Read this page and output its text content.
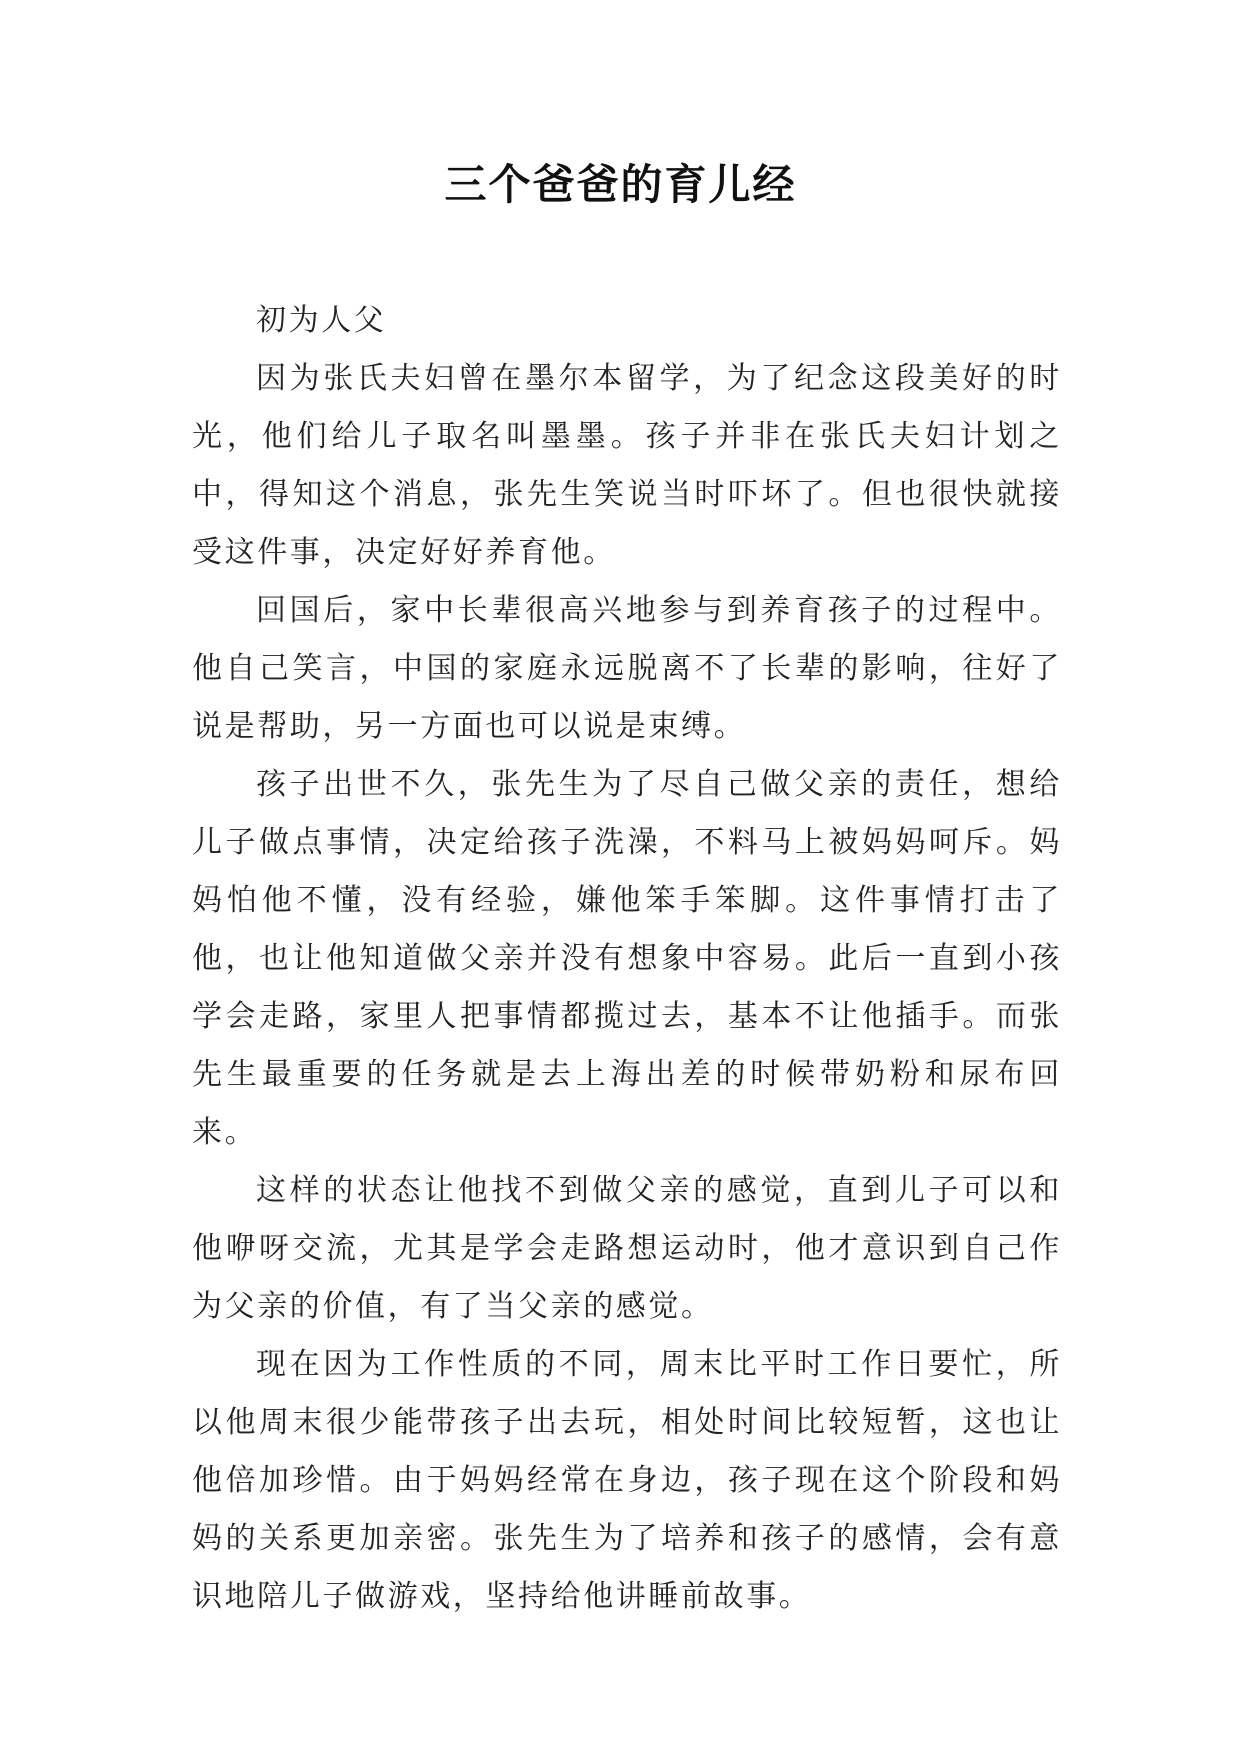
三个爸爸的育儿经

初为人父

因为张氏夫妇曾在墨尔本留学，为了纪念这段美好的时光，他们给儿子取名叫墨墨。孩子并非在张氏夫妇计划之中，得知这个消息，张先生笑说当时吓坏了。但也很快就接受这件事，决定好好养育他。

回国后，家中长辈很高兴地参与到养育孩子的过程中。他自己笑言，中国的家庭永远脱离不了长辈的影响，往好了说是帮助，另一方面也可以说是束缚。

孩子出世不久，张先生为了尽自己做父亲的责任，想给儿子做点事情，决定给孩子洗澡，不料马上被妈妈呵斥。妈妈怕他不懂，没有经验，嫌他笨手笨脚。这件事情打击了他，也让他知道做父亲并没有想象中容易。此后一直到小孩学会走路，家里人把事情都揽过去，基本不让他插手。而张先生最重要的任务就是去上海出差的时候带奶粉和尿布回来。

这样的状态让他找不到做父亲的感觉，直到儿子可以和他咿呀交流，尤其是学会走路想运动时，他才意识到自己作为父亲的价值，有了当父亲的感觉。

现在因为工作性质的不同，周末比平时工作日要忙，所以他周末很少能带孩子出去玩，相处时间比较短暂，这也让他倍加珍惜。由于妈妈经常在身边，孩子现在这个阶段和妈妈的关系更加亲密。张先生为了培养和孩子的感情，会有意识地陪儿子做游戏，坚持给他讲睡前故事。
